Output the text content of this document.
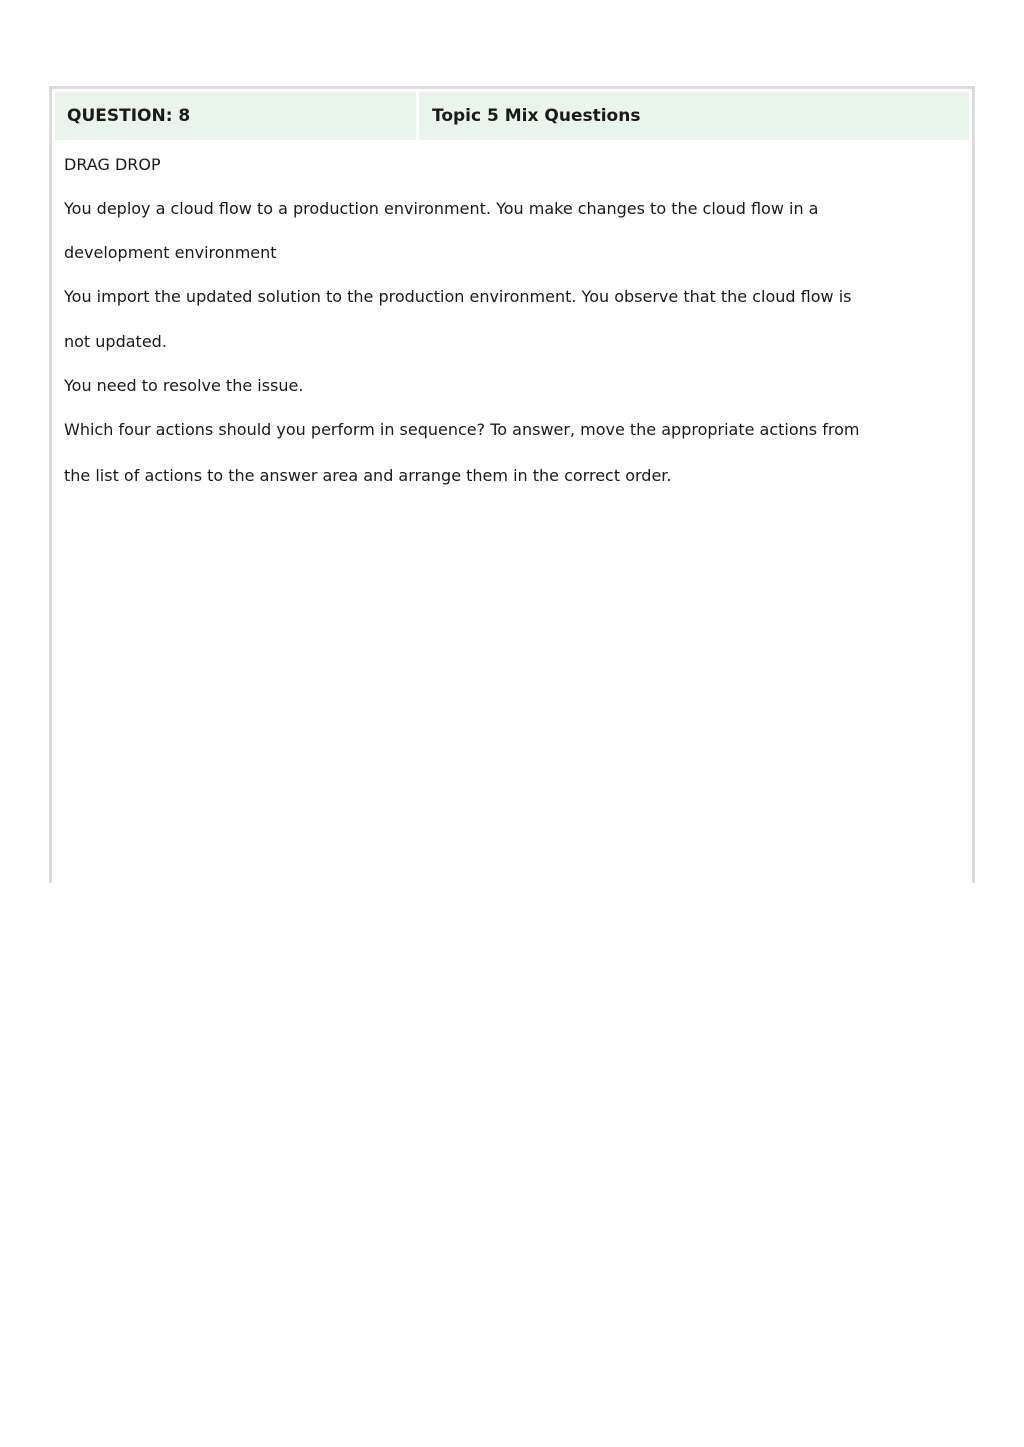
QUESTION: 8	Topic 5 Mix Questions
DRAG DROP
You deploy a cloud flow to a production environment. You make changes to the cloud flow in a
development environment
You import the updated solution to the production environment. You observe that the cloud flow is
not updated.
You need to resolve the issue.
Which four actions should you perform in sequence? To answer, move the appropriate actions from
the list of actions to the answer area and arrange them in the correct order.
